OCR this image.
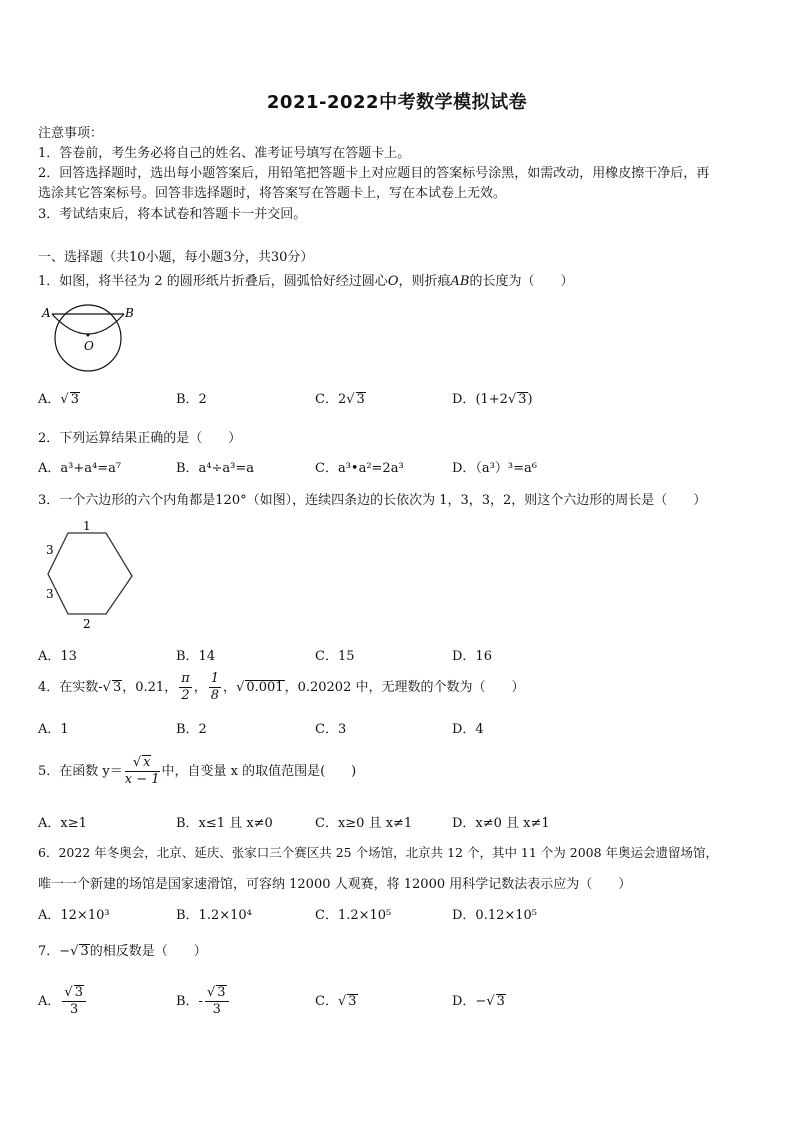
2021-2022中考数学模拟试卷
注意事项：
1．答卷前，考生务必将自己的姓名、准考证号填写在答题卡上。
2．回答选择题时，选出每小题答案后，用铅笔把答题卡上对应题目的答案标号涂黑，如需改动，用橡皮擦干净后，再
选涂其它答案标号。回答非选择题时，将答案写在答题卡上，写在本试卷上无效。
3．考试结束后，将本试卷和答题卡一并交回。
一、选择题（共10小题，每小题3分，共30分）
1．如图，将半径为 2 的圆形纸片折叠后，圆弧恰好经过圆心O，则折痕AB的长度为（　　）
A	B
O
A．√ 3	B．2	C．2√ 3	D．(1+2√ 3)
2．下列运算结果正确的是（　　）
A．a³+a⁴=a⁷	B．a⁴÷a³=a	C．a³•a²=2a³	D．（a³）³=a⁶
3．一个六边形的六个内角都是120°（如图），连续四条边的长依次为 1，3，3，2，则这个六边形的周长是（　　）
1
3
3
2
A．13	B．14	C．15	D．16
4．在实数-√ 3，0.21， $\frac{\pi}{2}$ ， $\frac{1}{8}$ ，√ 0.001，0.20202 中，无理数的个数为（　　）
A．1	B．2	C．3	D．4
5．在函数 $y= \frac{√ x}{x - 1}$ 中，自变量 x 的取值范围是(　　)
A．x≥1	B．x≤1 且 x≠0	C．x≥0 且 x≠1	D．x≠0 且 x≠1
6．2022 年冬奥会，北京、延庆、张家口三个赛区共 25 个场馆，北京共 12 个，其中 11 个为 2008 年奥运会遗留场馆，
唯一一个新建的场馆是国家速滑馆，可容纳 12000 人观赛，将 12000 用科学记数法表示应为（　　）
A．12×10³	B．1.2×10⁴	C．1.2×10⁵	D．0.12×10⁵
7．−√ 3的相反数是（　　）
A． $\frac{√ 3}{3}$	B．- $\frac{√ 3}{3}$	C．√ 3	D．−√ 3
